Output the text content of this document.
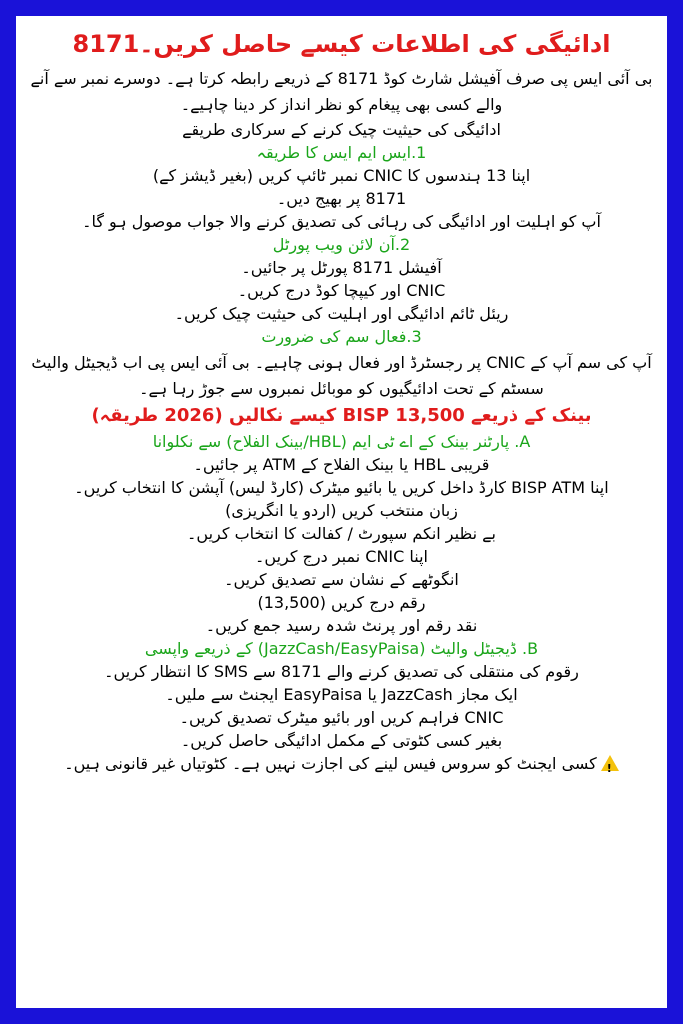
ادائیگی کی اطلاعات کیسے حاصل کریں۔8171

بی آئی ایس پی صرف آفیشل شارٹ کوڈ 8171 کے ذریعے رابطہ کرتا ہے۔ دوسرے نمبر سے آنے والے کسی بھی پیغام کو نظر انداز کر دینا چاہیے۔

ادائیگی کی حیثیت چیک کرنے کے سرکاری طریقے

1.ایس ایم ایس کا طریقہ

اپنا 13 ہندسوں کا CNIC نمبر ٹائپ کریں (بغیر ڈیشز کے)

8171 پر بھیج دیں۔

آپ کو اہلیت اور ادائیگی کی رہائی کی تصدیق کرنے والا جواب موصول ہو گا۔

2.آن لائن ویب پورٹل

آفیشل 8171 پورٹل پر جائیں۔

CNIC اور کیپچا کوڈ درج کریں۔

ریئل ٹائم ادائیگی اور اہلیت کی حیثیت چیک کریں۔

3.فعال سم کی ضرورت

آپ کی سم آپ کے CNIC پر رجسٹرڈ اور فعال ہونی چاہیے۔ بی آئی ایس پی اب ڈیجیٹل والیٹ سسٹم کے تحت ادائیگیوں کو موبائل نمبروں سے جوڑ رہا ہے۔

بینک کے ذریعے BISP 13,500 کیسے نکالیں (2026 طریقہ)

A. پارٹنر بینک کے اے ٹی ایم (HBL/بینک الفلاح) سے نکلوانا

قریبی HBL یا بینک الفلاح کے ATM پر جائیں۔

اپنا BISP ATM کارڈ داخل کریں یا بائیو میٹرک (کارڈ لیس) آپشن کا انتخاب کریں۔

زبان منتخب کریں (اردو یا انگریزی)

بے نظیر انکم سپورٹ / کفالت کا انتخاب کریں۔

اپنا CNIC نمبر درج کریں۔

انگوٹھے کے نشان سے تصدیق کریں۔

رقم درج کریں (13,500)

نقد رقم اور پرنٹ شدہ رسید جمع کریں۔

B. ڈیجیٹل والیٹ (JazzCash/EasyPaisa) کے ذریعے واپسی

رقوم کی منتقلی کی تصدیق کرنے والے 8171 سے SMS کا انتظار کریں۔

ایک مجاز JazzCash یا EasyPaisa ایجنٹ سے ملیں۔

CNIC فراہم کریں اور بائیو میٹرک تصدیق کریں۔

بغیر کسی کٹوتی کے مکمل ادائیگی حاصل کریں۔

!کسی ایجنٹ کو سروس فیس لینے کی اجازت نہیں ہے۔ کٹوتیاں غیر قانونی ہیں۔
